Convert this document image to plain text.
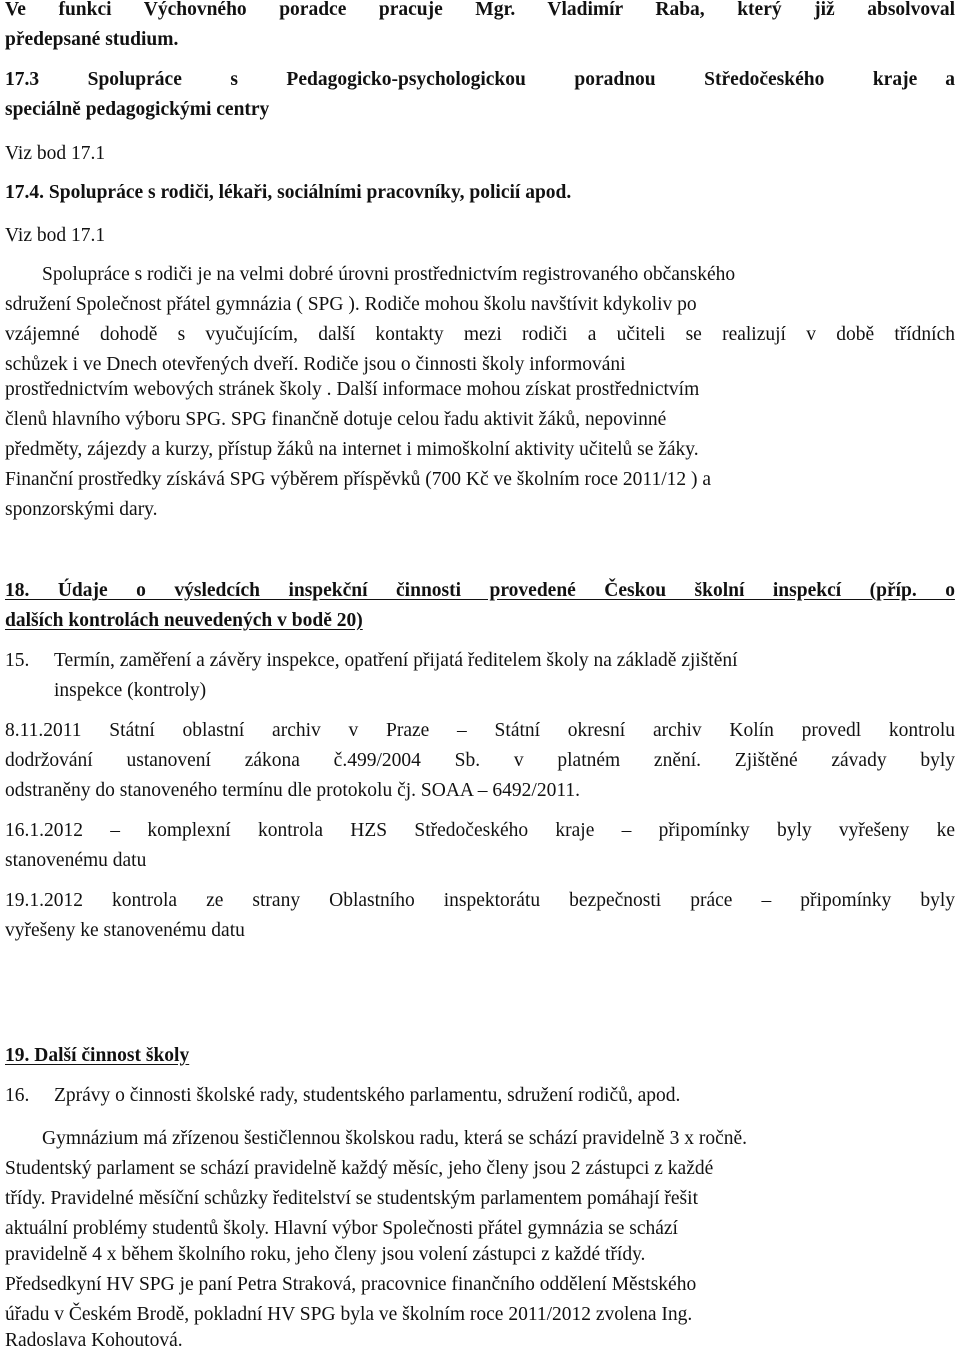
Ve funkci Výchovného poradce pracuje Mgr. Vladimír Raba, který již absolvoval
předepsané studium.
17.3 Spolupráce s Pedagogicko-psychologickou poradnou Středočeského kraje	a
speciálně pedagogickými centry
Viz bod 17.1
17.4. Spolupráce s rodiči, lékaři, sociálními pracovníky, policií apod.
Viz bod 17.1
Spolupráce s rodiči je na velmi dobré úrovni prostřednictvím registrovaného občanského
sdružení Společnost přátel gymnázia ( SPG ). Rodiče mohou školu navštívit kdykoliv po
vzájemné dohodě s vyučujícím, další kontakty mezi rodiči a učiteli se realizují v době třídních
schůzek i ve Dnech otevřených dveří. Rodiče jsou o činnosti školy informováni
prostřednictvím webových stránek školy . Další informace mohou získat prostřednictvím
členů hlavního výboru SPG. SPG finančně dotuje celou řadu aktivit žáků, nepovinné
předměty, zájezdy a kurzy, přístup žáků na internet i mimoškolní aktivity učitelů se žáky.
Finanční prostředky získává SPG výběrem příspěvků (700 Kč ve školním roce 2011/12 ) a
sponzorskými dary.
18. Údaje o výsledcích inspekční činnosti provedené Českou školní inspekcí (příp. o
dalších kontrolách neuvedených v bodě 20)
15. Termín, zaměření a závěry inspekce, opatření přijatá ředitelem školy na základě zjištění
inspekce (kontroly)
8.11.2011 Státní oblastní archiv v Praze – Státní okresní archiv Kolín provedl kontrolu
dodržování ustanovení zákona č.499/2004 Sb. v platném znění. Zjištěné závady byly
odstraněny do stanoveného termínu dle protokolu čj. SOAA – 6492/2011.
16.1.2012 – komplexní kontrola HZS Středočeského kraje – připomínky byly vyřešeny ke
stanovenému datu
19.1.2012 kontrola ze strany Oblastního inspektorátu bezpečnosti práce – připomínky byly
vyřešeny ke stanovenému datu
19. Další činnost školy
16. Zprávy o činnosti školské rady, studentského parlamentu, sdružení rodičů, apod.
Gymnázium má zřízenou šestičlennou školskou radu, která se schází pravidelně 3 x ročně.
Studentský parlament se schází pravidelně každý měsíc, jeho členy jsou 2 zástupci z každé
třídy. Pravidelné měsíční schůzky ředitelství se studentským parlamentem pomáhají řešit
aktuální problémy studentů školy. Hlavní výbor Společnosti přátel gymnázia se schází
pravidelně 4 x během školního roku, jeho členy jsou volení zástupci z každé třídy.
Předsedkyní HV SPG je paní Petra Straková, pracovnice finančního oddělení Městského
úřadu v Českém Brodě, pokladní HV SPG byla ve školním roce 2011/2012 zvolena Ing.
Radoslava Kohoutová.
